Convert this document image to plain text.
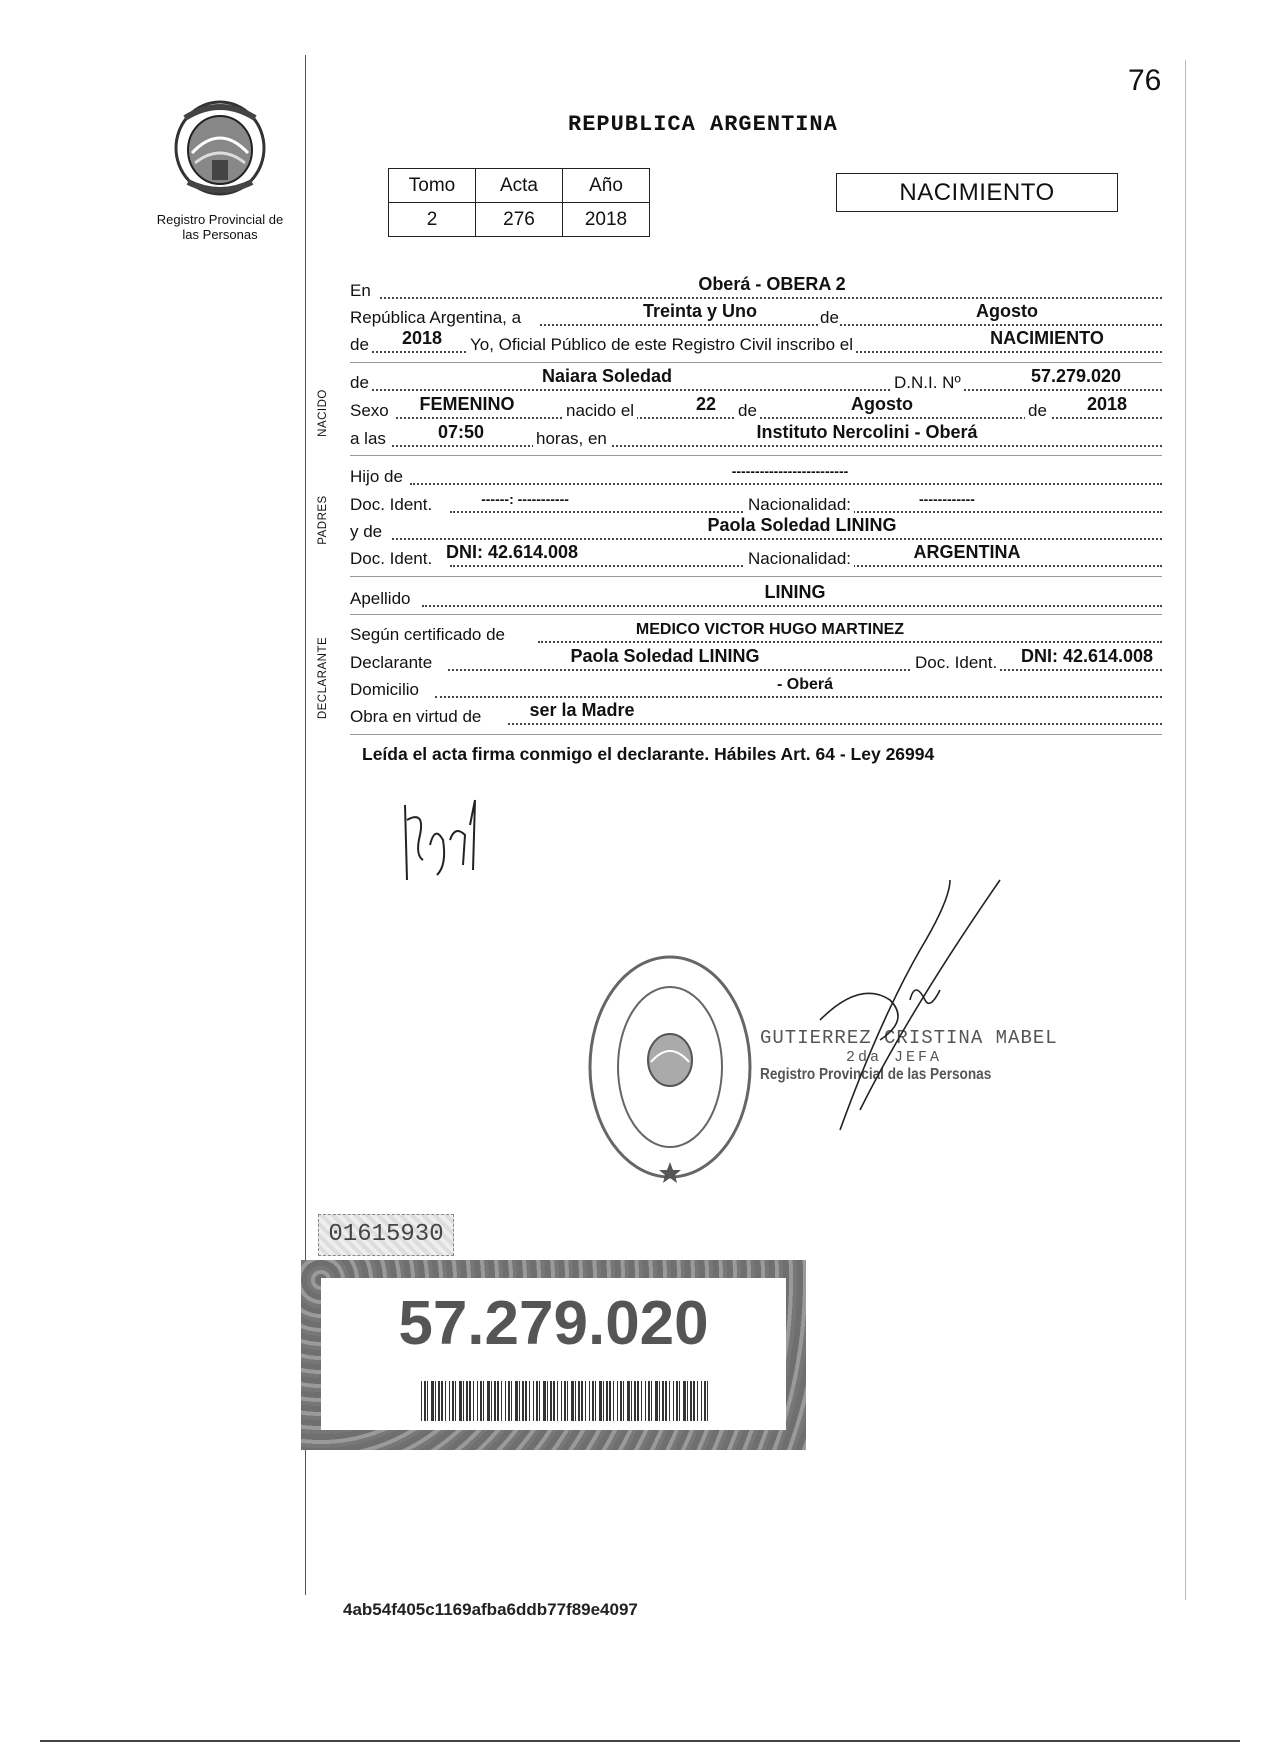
Registro Provincial de las Personas
76
REPUBLICA ARGENTINA
Tomo	Acta	Año
2	276	2018
NACIMIENTO
En	Oberá - OBERA 2
República Argentina, a	Treinta y Uno	de	Agosto
de 2018 Yo, Oficial Público de este Registro Civil inscribo el	NACIMIENTO
NACIDO
de	Naiara Soledad	D.N.I. Nº	57.279.020
Sexo FEMENINO	nacido el	22 de	Agosto	de 2018
a las	07:50	horas, en	Instituto Nercolini - Oberá
PADRES
Hijo de	-------------------------
Doc. Ident.	------: -----------	Nacionalidad:	------------
y de	Paola Soledad LINING
Doc. Ident. DNI: 42.614.008	Nacionalidad:	ARGENTINA
Apellido	LINING
DECLARANTE
Según certificado de	MEDICO VICTOR HUGO MARTINEZ
Declarante	Paola Soledad LINING	Doc. Ident. DNI: 42.614.008
Domicilio	- Oberá
Obra en virtud de	ser la Madre
Leída el acta firma conmigo el declarante. Hábiles Art. 64 - Ley 26994
GUTIERREZ CRISTINA MABEL
2da JEFA
Registro Provincial de las Personas
01615930
57.279.020
4ab54f405c1169afba6ddb77f89e4097
